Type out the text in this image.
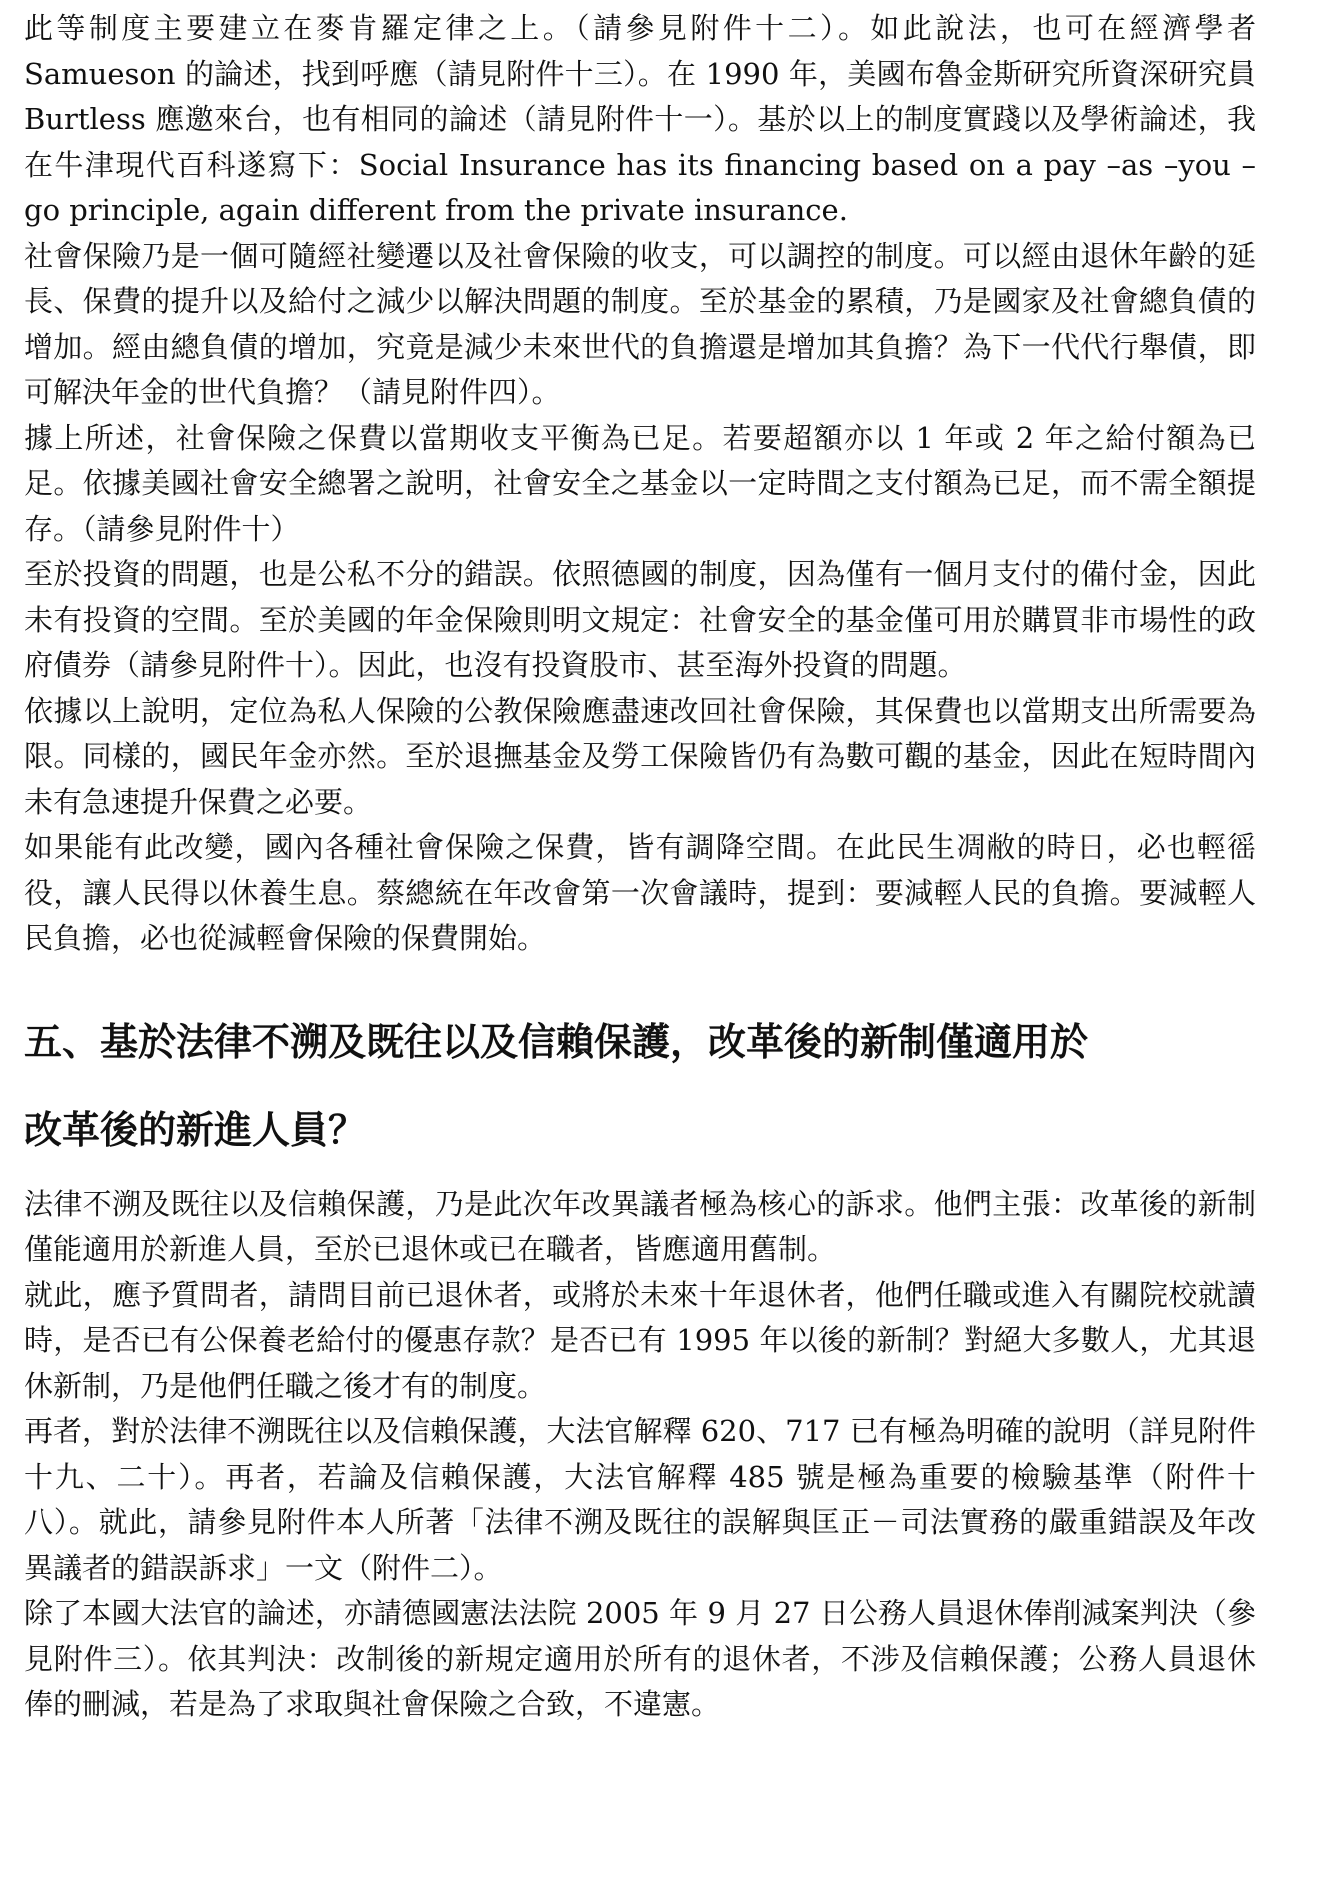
此等制度主要建立在麥肯羅定律之上。（請參見附件十二）。如此說法，也可在經濟學者 Samueson 的論述，找到呼應（請見附件十三）。在 1990 年，美國布魯金斯研究所資深研究員 Burtless 應邀來台，也有相同的論述（請見附件十一）。基於以上的制度實踐以及學術論述，我在牛津現代百科遂寫下：Social Insurance has its financing based on a pay –as –you –go principle, again different from the private insurance.

社會保險乃是一個可隨經社變遷以及社會保險的收支，可以調控的制度。可以經由退休年齡的延長、保費的提升以及給付之減少以解決問題的制度。至於基金的累積，乃是國家及社會總負債的增加。經由總負債的增加，究竟是減少未來世代的負擔還是增加其負擔？為下一代代行舉債，即可解決年金的世代負擔？（請見附件四）。

據上所述，社會保險之保費以當期收支平衡為已足。若要超額亦以 1 年或 2 年之給付額為已足。依據美國社會安全總署之說明，社會安全之基金以一定時間之支付額為已足，而不需全額提存。（請參見附件十）

至於投資的問題，也是公私不分的錯誤。依照德國的制度，因為僅有一個月支付的備付金，因此未有投資的空間。至於美國的年金保險則明文規定：社會安全的基金僅可用於購買非市場性的政府債券（請參見附件十）。因此，也沒有投資股市、甚至海外投資的問題。

依據以上說明，定位為私人保險的公教保險應盡速改回社會保險，其保費也以當期支出所需要為限。同樣的，國民年金亦然。至於退撫基金及勞工保險皆仍有為數可觀的基金，因此在短時間內未有急速提升保費之必要。

如果能有此改變，國內各種社會保險之保費，皆有調降空間。在此民生凋敝的時日，必也輕徭役，讓人民得以休養生息。蔡總統在年改會第一次會議時，提到：要減輕人民的負擔。要減輕人民負擔，必也從減輕會保險的保費開始。

五、基於法律不溯及既往以及信賴保護，改革後的新制僅適用於
改革後的新進人員？

法律不溯及既往以及信賴保護，乃是此次年改異議者極為核心的訴求。他們主張：改革後的新制僅能適用於新進人員，至於已退休或已在職者，皆應適用舊制。

就此，應予質問者，請問目前已退休者，或將於未來十年退休者，他們任職或進入有關院校就讀時，是否已有公保養老給付的優惠存款？是否已有 1995 年以後的新制？對絕大多數人，尤其退休新制，乃是他們任職之後才有的制度。

再者，對於法律不溯既往以及信賴保護，大法官解釋 620、717 已有極為明確的說明（詳見附件十九、二十）。再者，若論及信賴保護，大法官解釋 485 號是極為重要的檢驗基準（附件十八）。就此，請參見附件本人所著「法律不溯及既往的誤解與匡正－司法實務的嚴重錯誤及年改異議者的錯誤訴求」一文（附件二）。

除了本國大法官的論述，亦請德國憲法法院 2005 年 9 月 27 日公務人員退休俸削減案判決（參見附件三）。依其判決：改制後的新規定適用於所有的退休者，不涉及信賴保護；公務人員退休俸的刪減，若是為了求取與社會保險之合致，不違憲。
